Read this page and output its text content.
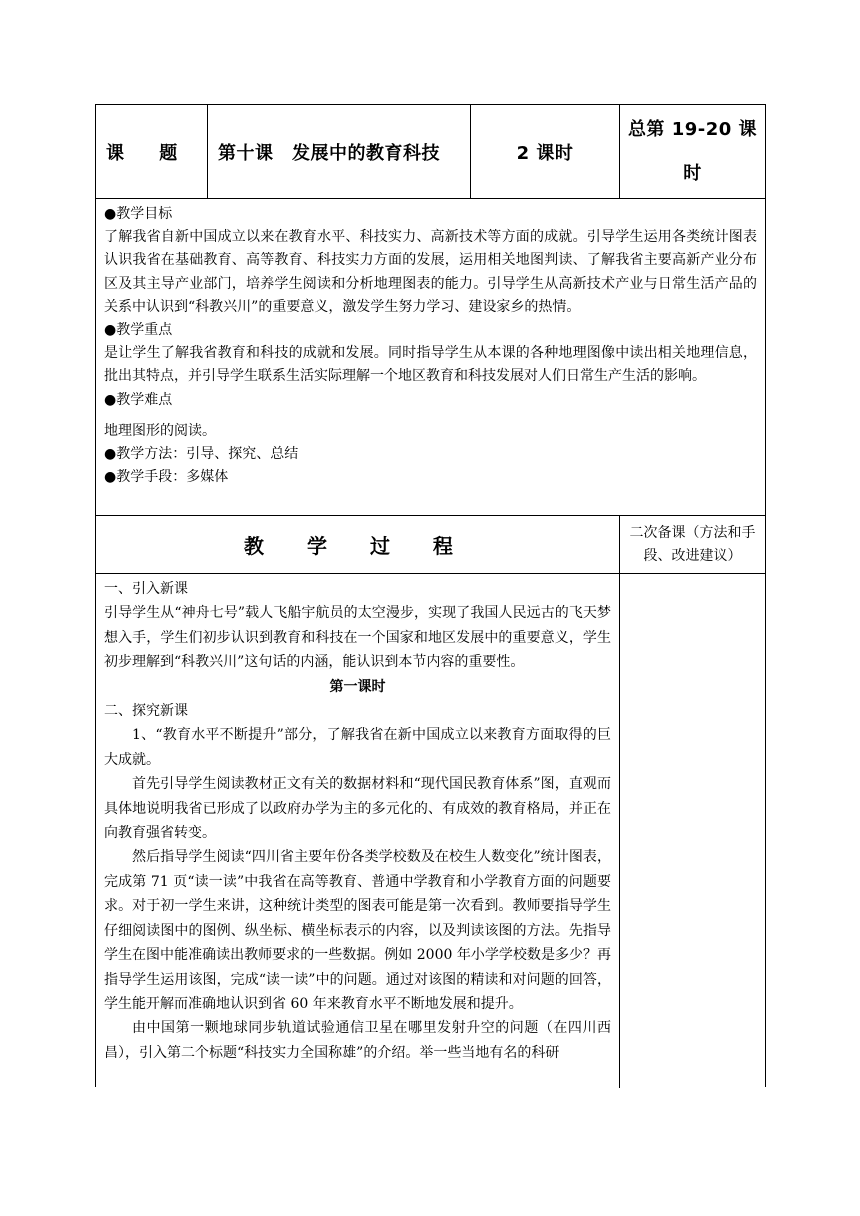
课 题 第十课　发展中的教育科技	2 课时
总第 19-20 课时

●教学目标

了解我省自新中国成立以来在教育水平、科技实力、高新技术等方面的成就。引导学生运用各类统计图表认识我省在基础教育、高等教育、科技实力方面的发展，运用相关地图判读、了解我省主要高新产业分布区及其主导产业部门，培养学生阅读和分析地理图表的能力。引导学生从高新技术产业与日常生活产品的关系中认识到“科教兴川”的重要意义，激发学生努力学习、建设家乡的热情。

●教学重点

是让学生了解我省教育和科技的成就和发展。同时指导学生从本课的各种地理图像中读出相关地理信息，批出其特点，并引导学生联系生活实际理解一个地区教育和科技发展对人们日常生产生活的影响。

●教学难点

地理图形的阅读。

●教学方法：引导、探究、总结

●教学手段：多媒体

教 学 过 程
二次备课（方法和手段、改进建议）

一、引入新课

引导学生从“神舟七号”载人飞船宇航员的太空漫步，实现了我国人民远古的飞天梦想入手，学生们初步认识到教育和科技在一个国家和地区发展中的重要意义，学生初步理解到“科教兴川”这句话的内涵，能认识到本节内容的重要性。

第一课时

二、探究新课

1、“教育水平不断提升”部分，了解我省在新中国成立以来教育方面取得的巨大成就。

首先引导学生阅读教材正文有关的数据材料和“现代国民教育体系”图，直观而具体地说明我省已形成了以政府办学为主的多元化的、有成效的教育格局，并正在向教育强省转变。

然后指导学生阅读“四川省主要年份各类学校数及在校生人数变化”统计图表，完成第 71 页“读一读”中我省在高等教育、普通中学教育和小学教育方面的问题要求。对于初一学生来讲，这种统计类型的图表可能是第一次看到。教师要指导学生仔细阅读图中的图例、纵坐标、横坐标表示的内容，以及判读该图的方法。先指导学生在图中能准确读出教师要求的一些数据。例如 2000 年小学学校数是多少？再指导学生运用该图，完成“读一读”中的问题。通过对该图的精读和对问题的回答，学生能开解而准确地认识到省 60 年来教育水平不断地发展和提升。

由中国第一颗地球同步轨道试验通信卫星在哪里发射升空的问题（在四川西昌），引入第二个标题“科技实力全国称雄”的介绍。举一些当地有名的科研
